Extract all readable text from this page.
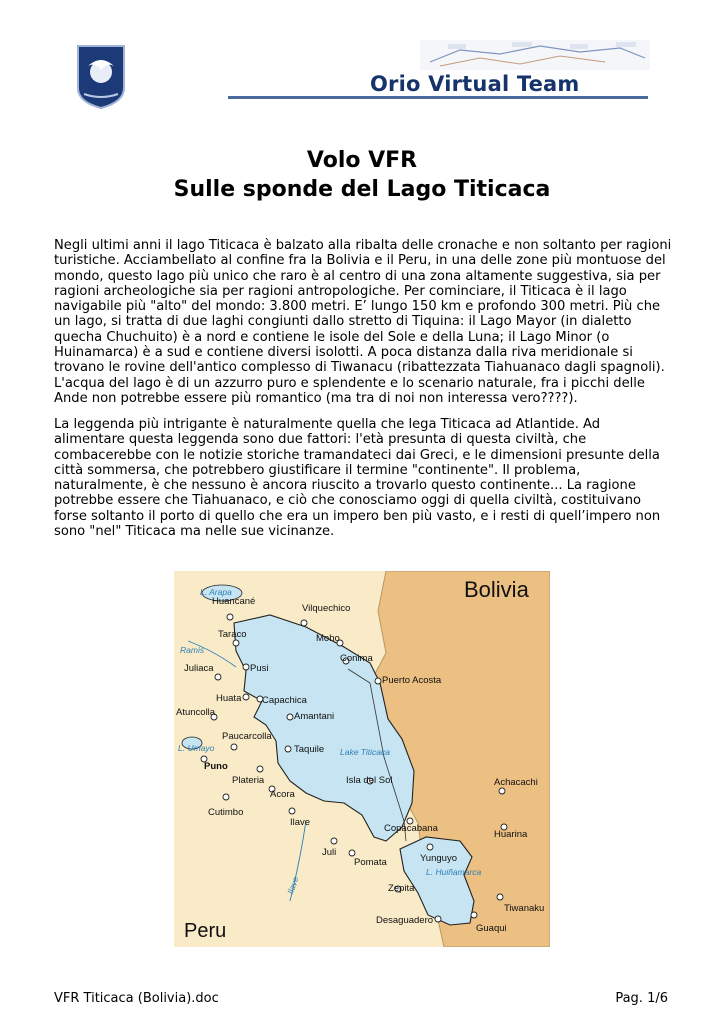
Orio Virtual Team
Volo VFR
Sulle sponde del Lago Titicaca

Negli ultimi anni il lago Titicaca è balzato alla ribalta delle cronache e non soltanto per ragioni turistiche. Acciambellato al confine fra la Bolivia e il Peru, in una delle zone più montuose del mondo, questo lago più unico che raro è al centro di una zona altamente suggestiva, sia per ragioni archeologiche sia per ragioni antropologiche. Per cominciare, il Titicaca è il lago navigabile più "alto" del mondo: 3.800 metri. E’ lungo 150 km e profondo 300 metri. Più che un lago, si tratta di due laghi congiunti dallo stretto di Tiquina: il Lago Mayor (in dialetto quecha Chuchuito) è a nord e contiene le isole del Sole e della Luna; il Lago Minor (o Huinamarca) è a sud e contiene diversi isolotti. A poca distanza dalla riva meridionale si trovano le rovine dell'antico complesso di Tiwanacu (ribattezzata Tiahuanaco dagli spagnoli). L'acqua del lago è di un azzurro puro e splendente e lo scenario naturale, fra i picchi delle Ande non potrebbe essere più romantico (ma tra di noi non interessa vero????).

La leggenda più intrigante è naturalmente quella che lega Titicaca ad Atlantide. Ad alimentare questa leggenda sono due fattori: l'età presunta di questa civiltà, che combacerebbe con le notizie storiche tramandateci dai Greci, e le dimensioni presunte della città sommersa, che potrebbero giustificare il termine "continente". Il problema, naturalmente, è che nessuno è ancora riuscito a trovarlo questo continente... La ragione potrebbe essere che Tiahuanaco, e ciò che conosciamo oggi di quella civiltà, costituivano forse soltanto il porto di quello che era un impero ben più vasto, e i resti di quell’impero non sono "nel" Titicaca ma nelle sue vicinanze.

Bolivia
Peru
Lake Titicaca
L. Arapa
Ramis
L. Umayo
L. Huiñamarca
Ilave
Huancané
Vilquechico
Taraco	Moho
Conima
Juliaca	Pusi
Puerto Acosta
Huata Capachica
Atuncolla	Amantani
Paucarcolla
Taquile
Puno
Plateria	Isla del Sol
Acora
Achacachi
Cutimbo
Ilave
Copacabana
Huarina
Juli
Pomata	Yunguyo
Zepita
Tiwanaku
Desaguadero
Guaqui
VFR Titicaca (Bolivia).doc	Pag. 1/6
